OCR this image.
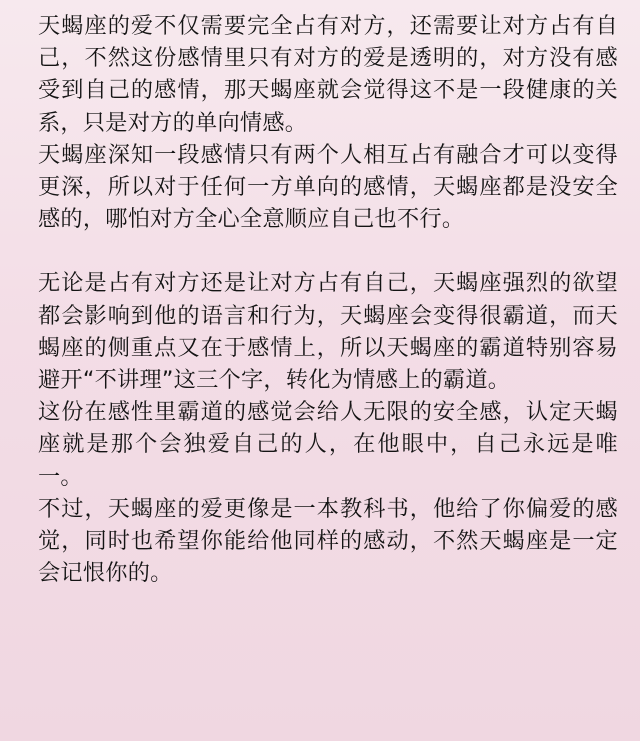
天蝎座的爱不仅需要完全占有对方，还需要让对方占有自己，不然这份感情里只有对方的爱是透明的，对方没有感受到自己的感情，那天蝎座就会觉得这不是一段健康的关系，只是对方的单向情感。

天蝎座深知一段感情只有两个人相互占有融合才可以变得更深，所以对于任何一方单向的感情，天蝎座都是没安全感的，哪怕对方全心全意顺应自己也不行。

无论是占有对方还是让对方占有自己，天蝎座强烈的欲望都会影响到他的语言和行为，天蝎座会变得很霸道，而天蝎座的侧重点又在于感情上，所以天蝎座的霸道特别容易避开“不讲理”这三个字，转化为情感上的霸道。

这份在感性里霸道的感觉会给人无限的安全感，认定天蝎座就是那个会独爱自己的人，在他眼中，自己永远是唯一。

不过，天蝎座的爱更像是一本教科书，他给了你偏爱的感觉，同时也希望你能给他同样的感动，不然天蝎座是一定会记恨你的。
